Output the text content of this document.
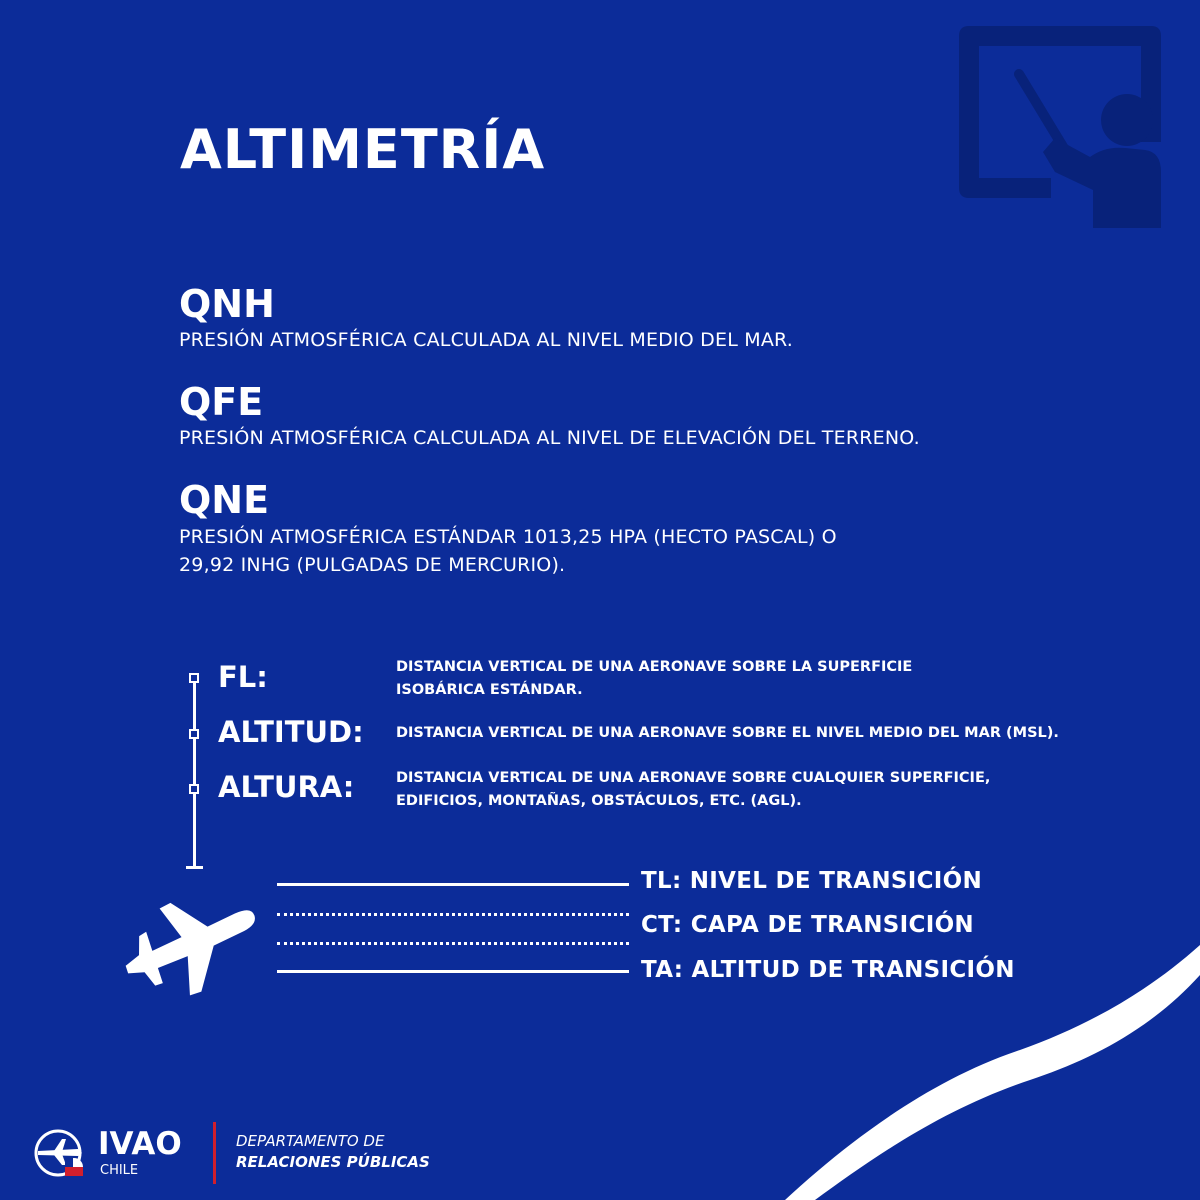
ALTIMETRÍA
QNH
PRESIÓN ATMOSFÉRICA CALCULADA AL NIVEL MEDIO DEL MAR.
QFE
PRESIÓN ATMOSFÉRICA CALCULADA AL NIVEL DE ELEVACIÓN DEL TERRENO.
QNE
PRESIÓN ATMOSFÉRICA ESTÁNDAR 1013,25 HPA (HECTO PASCAL) O
29,92 INHG (PULGADAS DE MERCURIO).
FL:	DISTANCIA VERTICAL DE UNA AERONAVE SOBRE LA SUPERFICIE
ISOBÁRICA ESTÁNDAR.
ALTITUD: DISTANCIA VERTICAL DE UNA AERONAVE SOBRE EL NIVEL MEDIO DEL MAR (MSL).
ALTURA:	DISTANCIA VERTICAL DE UNA AERONAVE SOBRE CUALQUIER SUPERFICIE,
EDIFICIOS, MONTAÑAS, OBSTÁCULOS, ETC. (AGL).
TL: NIVEL DE TRANSICIÓN
CT: CAPA DE TRANSICIÓN
TA: ALTITUD DE TRANSICIÓN
IVAO
CHILE
DEPARTAMENTO DE
RELACIONES PÚBLICAS
